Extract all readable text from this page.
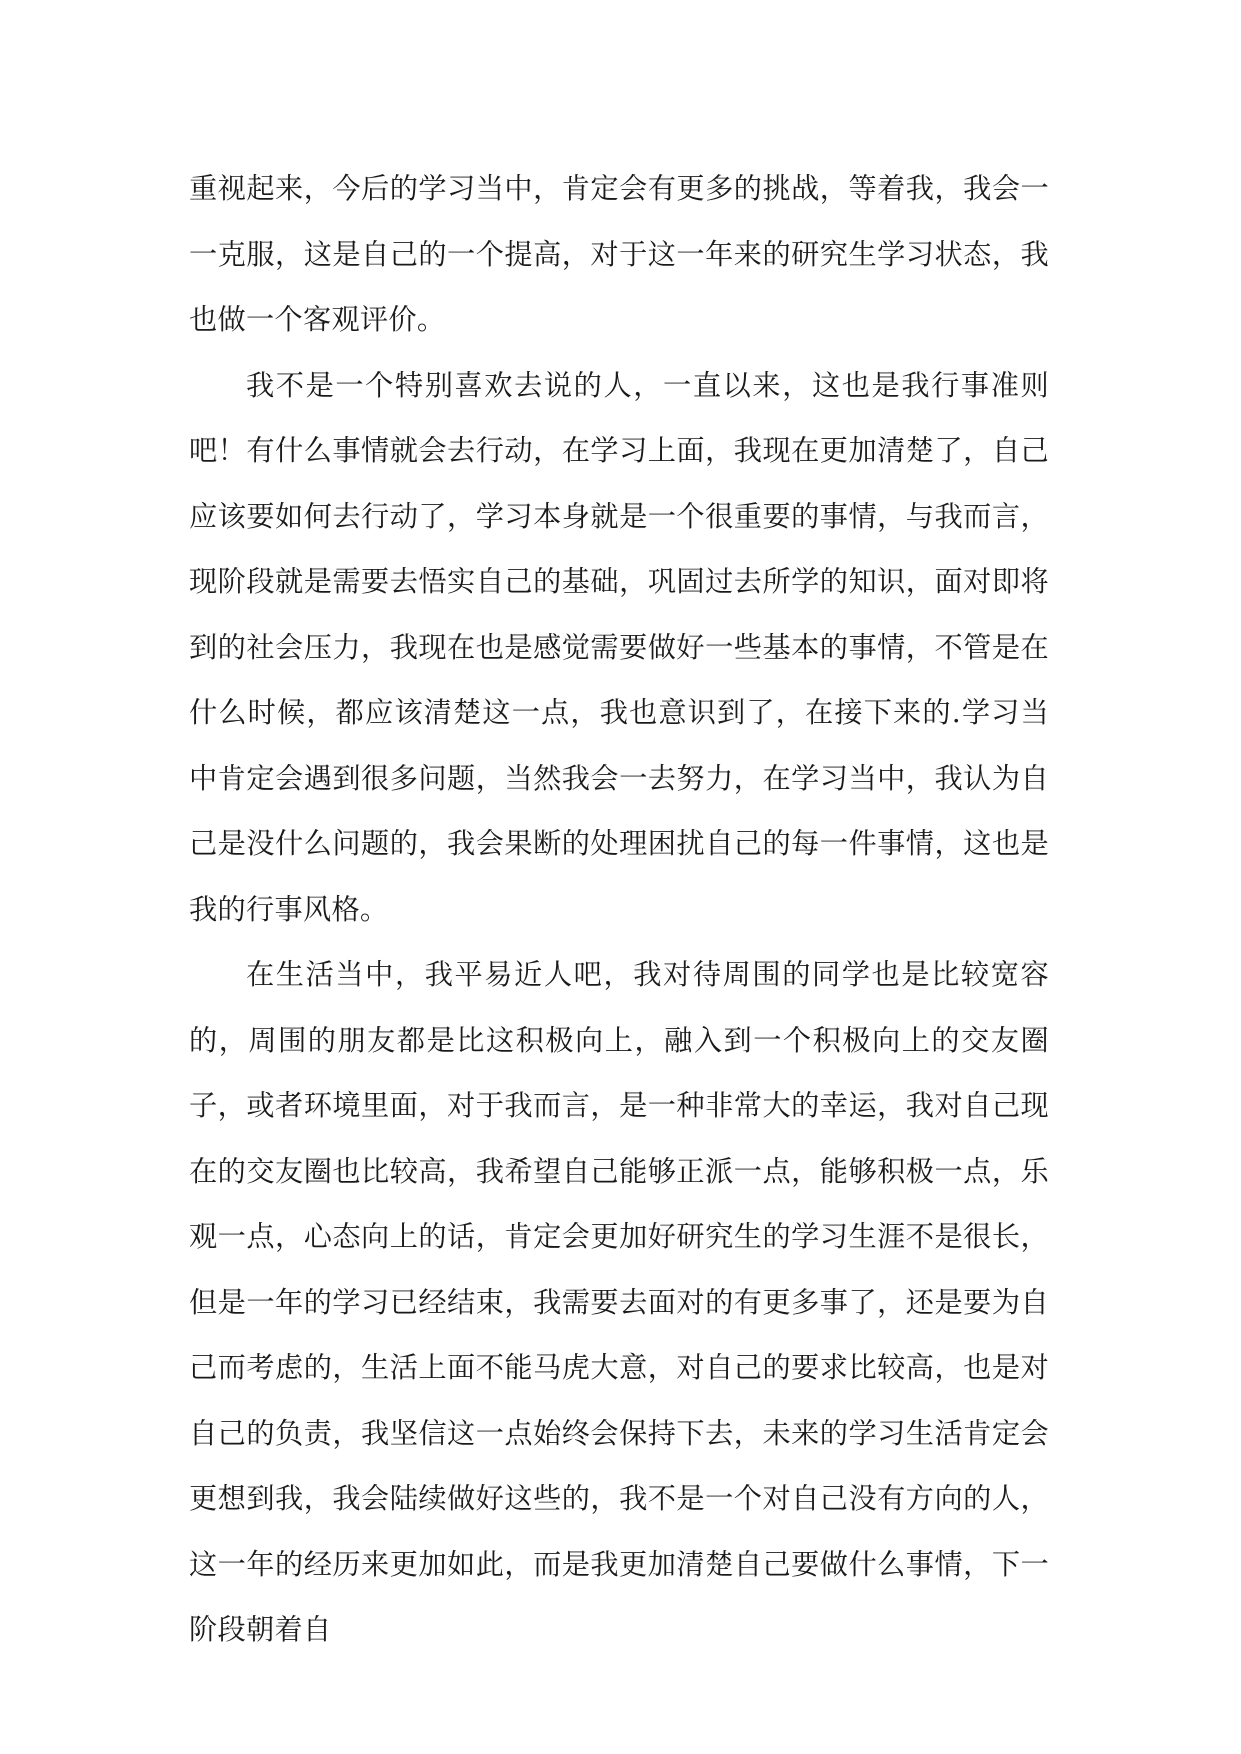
重视起来，今后的学习当中，肯定会有更多的挑战，等着我，我会一一克服，这是自己的一个提高，对于这一年来的研究生学习状态，我也做一个客观评价。

我不是一个特别喜欢去说的人，一直以来，这也是我行事准则吧！有什么事情就会去行动，在学习上面，我现在更加清楚了，自己应该要如何去行动了，学习本身就是一个很重要的事情，与我而言，现阶段就是需要去悟实自己的基础，巩固过去所学的知识，面对即将到的社会压力，我现在也是感觉需要做好一些基本的事情，不管是在什么时候，都应该清楚这一点，我也意识到了，在接下来的.学习当中肯定会遇到很多问题，当然我会一去努力，在学习当中，我认为自己是没什么问题的，我会果断的处理困扰自己的每一件事情，这也是我的行事风格。

在生活当中，我平易近人吧，我对待周围的同学也是比较宽容的，周围的朋友都是比这积极向上，融入到一个积极向上的交友圈子，或者环境里面，对于我而言，是一种非常大的幸运，我对自己现在的交友圈也比较高，我希望自己能够正派一点，能够积极一点，乐观一点，心态向上的话，肯定会更加好研究生的学习生涯不是很长，但是一年的学习已经结束，我需要去面对的有更多事了，还是要为自己而考虑的，生活上面不能马虎大意，对自己的要求比较高，也是对自己的负责，我坚信这一点始终会保持下去，未来的学习生活肯定会更想到我，我会陆续做好这些的，我不是一个对自己没有方向的人，这一年的经历来更加如此，而是我更加清楚自己要做什么事情，下一阶段朝着自
